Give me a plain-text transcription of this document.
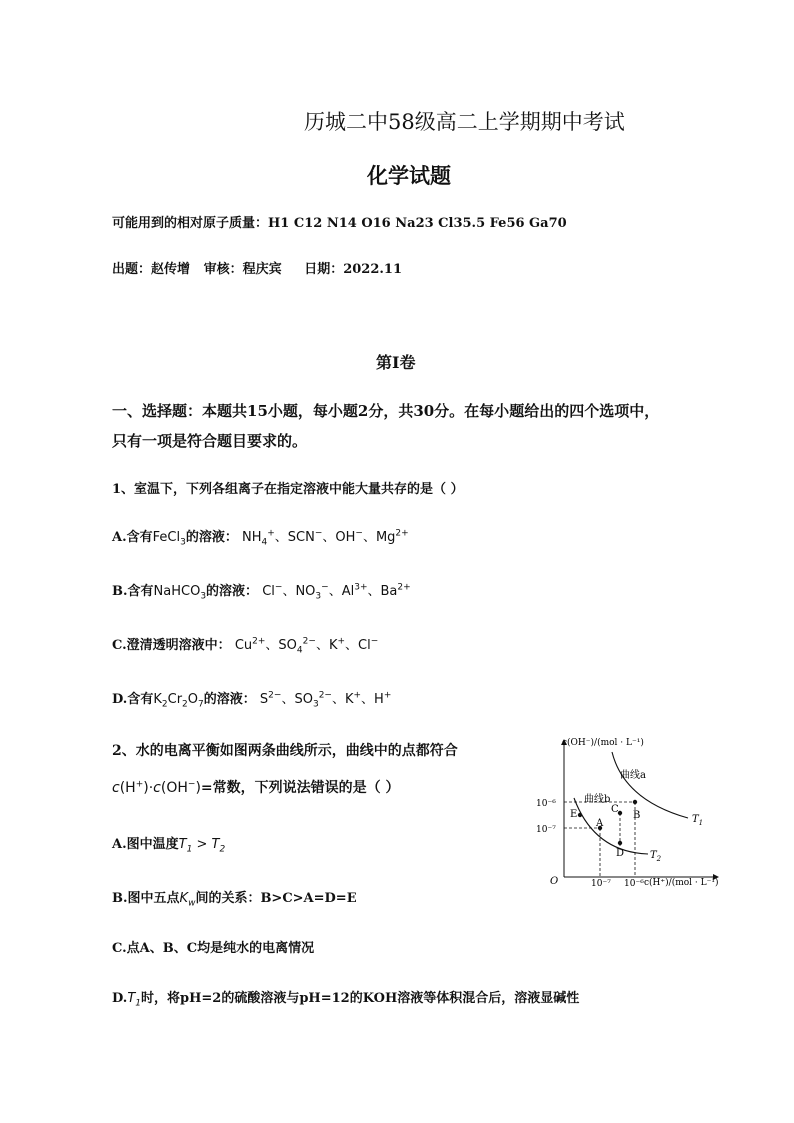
历城二中58级高二上学期期中考试
化学试题
可能用到的相对原子质量：H1 C12 N14 O16 Na23 Cl35.5 Fe56 Ga70
出题：赵传增   审核：程庆宾     日期：2022.11
第Ⅰ卷
一、选择题：本题共15小题，每小题2分，共30分。在每小题给出的四个选项中，
只有一项是符合题目要求的。
1、室温下，下列各组离子在指定溶液中能大量共存的是（ ）
A.含有FeCl$_3$的溶液： $NH_4^+$、SCN−、OH−、$Mg^{2+}$
B.含有NaHCO$_3$的溶液： Cl−、$NO_3^-$、$Al^{3+}$、$Ba^{2+}$
C.澄清透明溶液中： $Cu^{2+}$、$SO_4^{2-}$、K+、Cl−
D.含有$K_2Cr_2O_7$的溶液： $S^{2-}$、$SO_3^{2-}$、K+、H+
2、水的电离平衡如图两条曲线所示，曲线中的点都符合
c(H+)·c(OH−)=常数，下列说法错误的是（ ）
A.图中温度$T_1 > T_2$
B.图中五点$K_w$间的关系：B>C>A=D=E
C.点A、B、C均是纯水的电离情况
$D.T_1$时，将pH=2的硫酸溶液与pH=12的KOH溶液等体积混合后，溶液显碱性
c(OH⁻)/(mol · L⁻¹)
c(H⁺)/(mol · L⁻¹)
O
10⁻⁶
10⁻⁷
10⁻⁷ 10⁻⁶
曲线a
曲线b
$T_1$
$T_2$
B
C
A
E
D
